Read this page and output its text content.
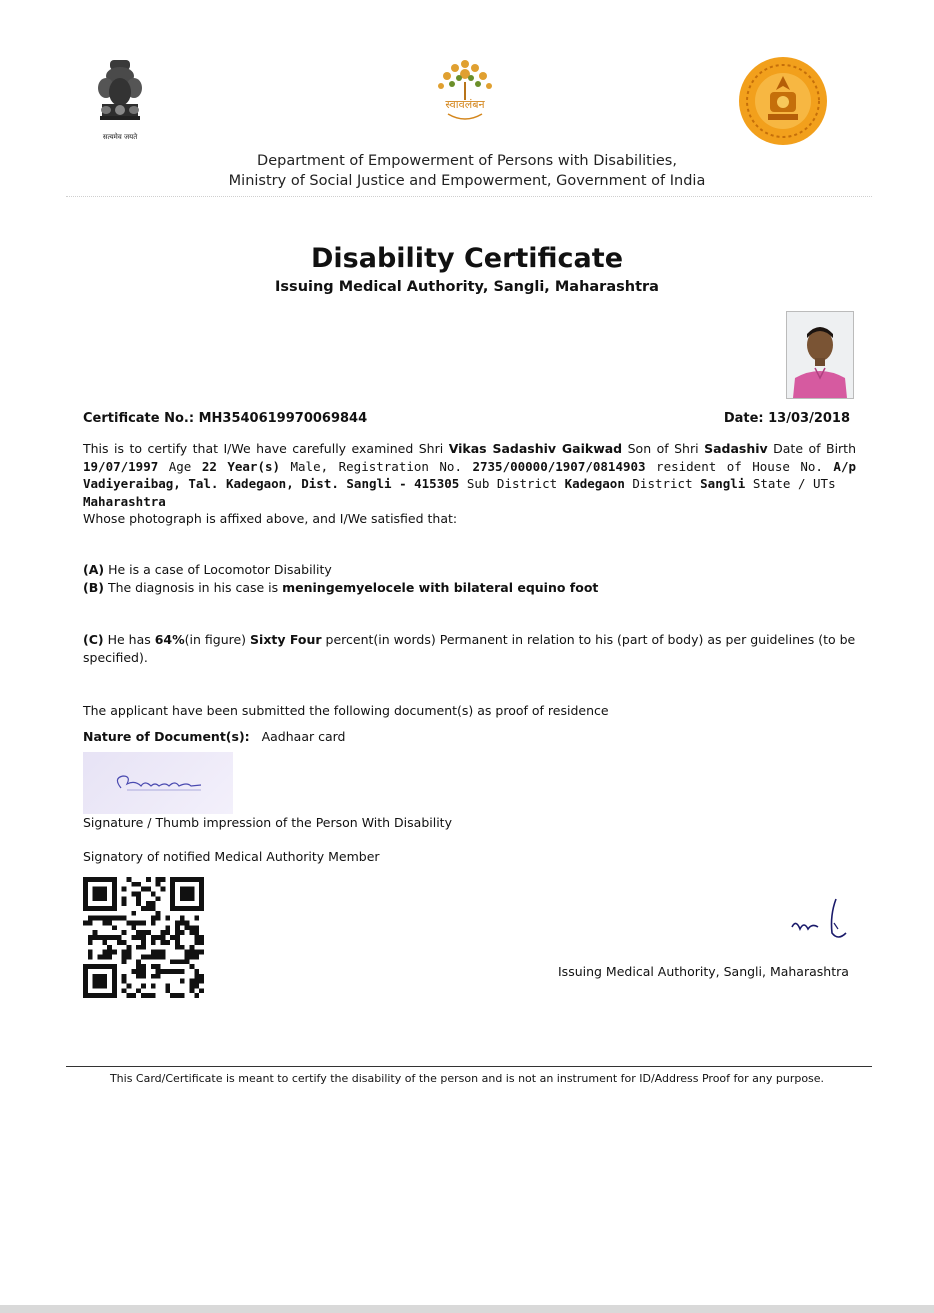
सत्यमेव जयते
स्वावलंबन
Department of Empowerment of Persons with Disabilities,
Ministry of Social Justice and Empowerment, Government of India
Disability Certificate
Issuing Medical Authority, Sangli, Maharashtra
Certificate No.: MH3540619970069844	Date: 13/03/2018
This is to certify that I/We have carefully examined Shri Vikas Sadashiv Gaikwad Son of Shri Sadashiv Date of Birth 19/07/1997 Age 22 Year(s) Male, Registration No. 2735/00000/1907/0814903 resident of House No. A/p Vadiyeraibag, Tal. Kadegaon, Dist. Sangli - 415305 Sub District Kadegaon District Sangli State / UTs
Maharashtra
Whose photograph is affixed above, and I/We satisfied that:
(A) He is a case of Locomotor Disability
(B) The diagnosis in his case is meningemyelocele with bilateral equino foot
(C) He has 64%(in figure) Sixty Four percent(in words) Permanent in relation to his (part of body) as per guidelines (to be specified).
The applicant have been submitted the following document(s) as proof of residence
Nature of Document(s): Aadhaar card
Signature / Thumb impression of the Person With Disability
Signatory of notified Medical Authority Member
Issuing Medical Authority, Sangli, Maharashtra
This Card/Certificate is meant to certify the disability of the person and is not an instrument for ID/Address Proof for any purpose.
